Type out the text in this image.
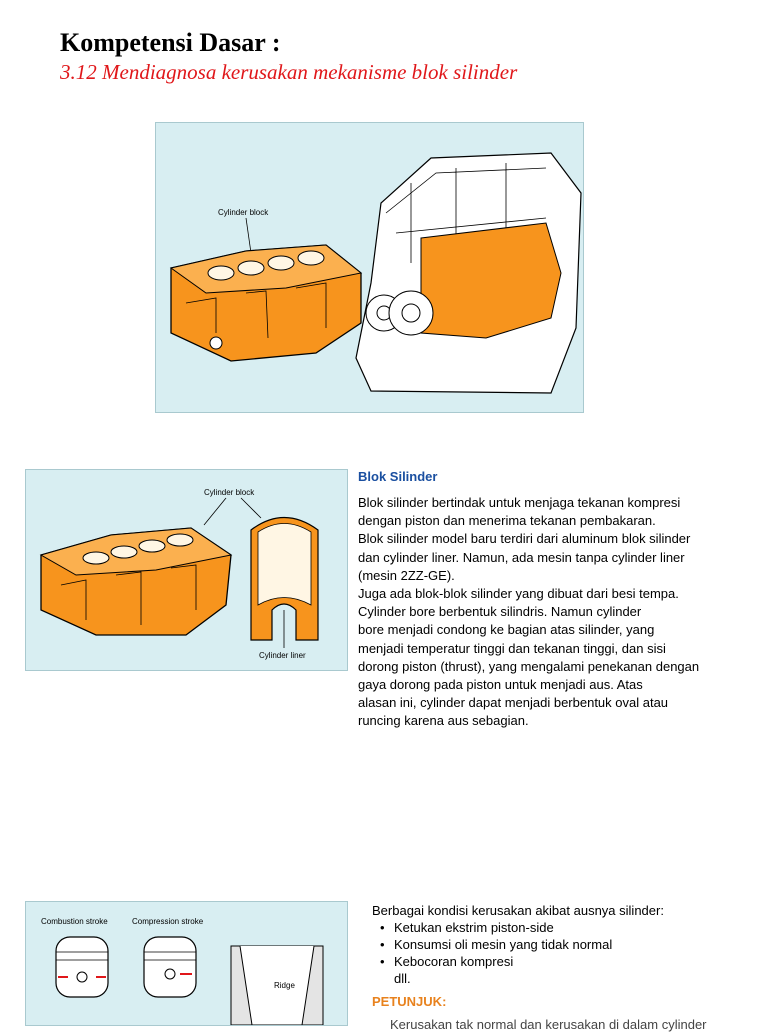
Kompetensi Dasar :
3.12 Mendiagnosa kerusakan mekanisme blok silinder
Cylinder block
Cylinder block
Cylinder liner
Blok Silinder
Blok silinder bertindak untuk menjaga tekanan kompresi
dengan piston dan menerima tekanan pembakaran.
Blok silinder model baru terdiri dari aluminum blok silinder
dan cylinder liner. Namun, ada mesin tanpa cylinder liner
(mesin 2ZZ-GE).
Juga ada blok-blok silinder yang dibuat dari besi tempa.
Cylinder bore berbentuk silindris. Namun cylinder
bore menjadi condong ke bagian atas silinder, yang
menjadi temperatur tinggi dan tekanan tinggi, dan sisi
dorong piston (thrust), yang mengalami penekanan dengan
gaya dorong pada piston untuk menjadi aus. Atas
alasan ini, cylinder dapat menjadi berbentuk oval atau
runcing karena aus sebagian.
Combustion stroke	Compression stroke
Ridge
Berbagai kondisi kerusakan akibat ausnya silinder:
• Ketukan ekstrim piston-side
• Konsumsi oli mesin yang tidak normal
• Kebocoran kompresi
dll.
PETUNJUK:
Kerusakan tak normal dan kerusakan di dalam cylinder
